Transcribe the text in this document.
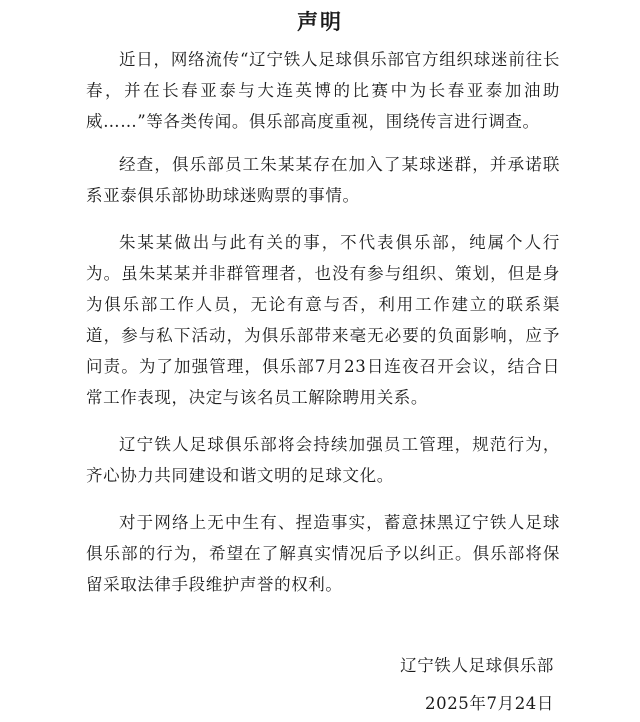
声明

近日，网络流传“辽宁铁人足球俱乐部官方组织球迷前往长春，并在长春亚泰与大连英博的比赛中为长春亚泰加油助威……”等各类传闻。俱乐部高度重视，围绕传言进行调查。

经查，俱乐部员工朱某某存在加入了某球迷群，并承诺联系亚泰俱乐部协助球迷购票的事情。

朱某某做出与此有关的事，不代表俱乐部，纯属个人行为。虽朱某某并非群管理者，也没有参与组织、策划，但是身为俱乐部工作人员，无论有意与否，利用工作建立的联系渠道，参与私下活动，为俱乐部带来毫无必要的负面影响，应予问责。为了加强管理，俱乐部7月23日连夜召开会议，结合日常工作表现，决定与该名员工解除聘用关系。

辽宁铁人足球俱乐部将会持续加强员工管理，规范行为，齐心协力共同建设和谐文明的足球文化。

对于网络上无中生有、捏造事实，蓄意抹黑辽宁铁人足球俱乐部的行为，希望在了解真实情况后予以纠正。俱乐部将保留采取法律手段维护声誉的权利。

辽宁铁人足球俱乐部
2025年7月24日
